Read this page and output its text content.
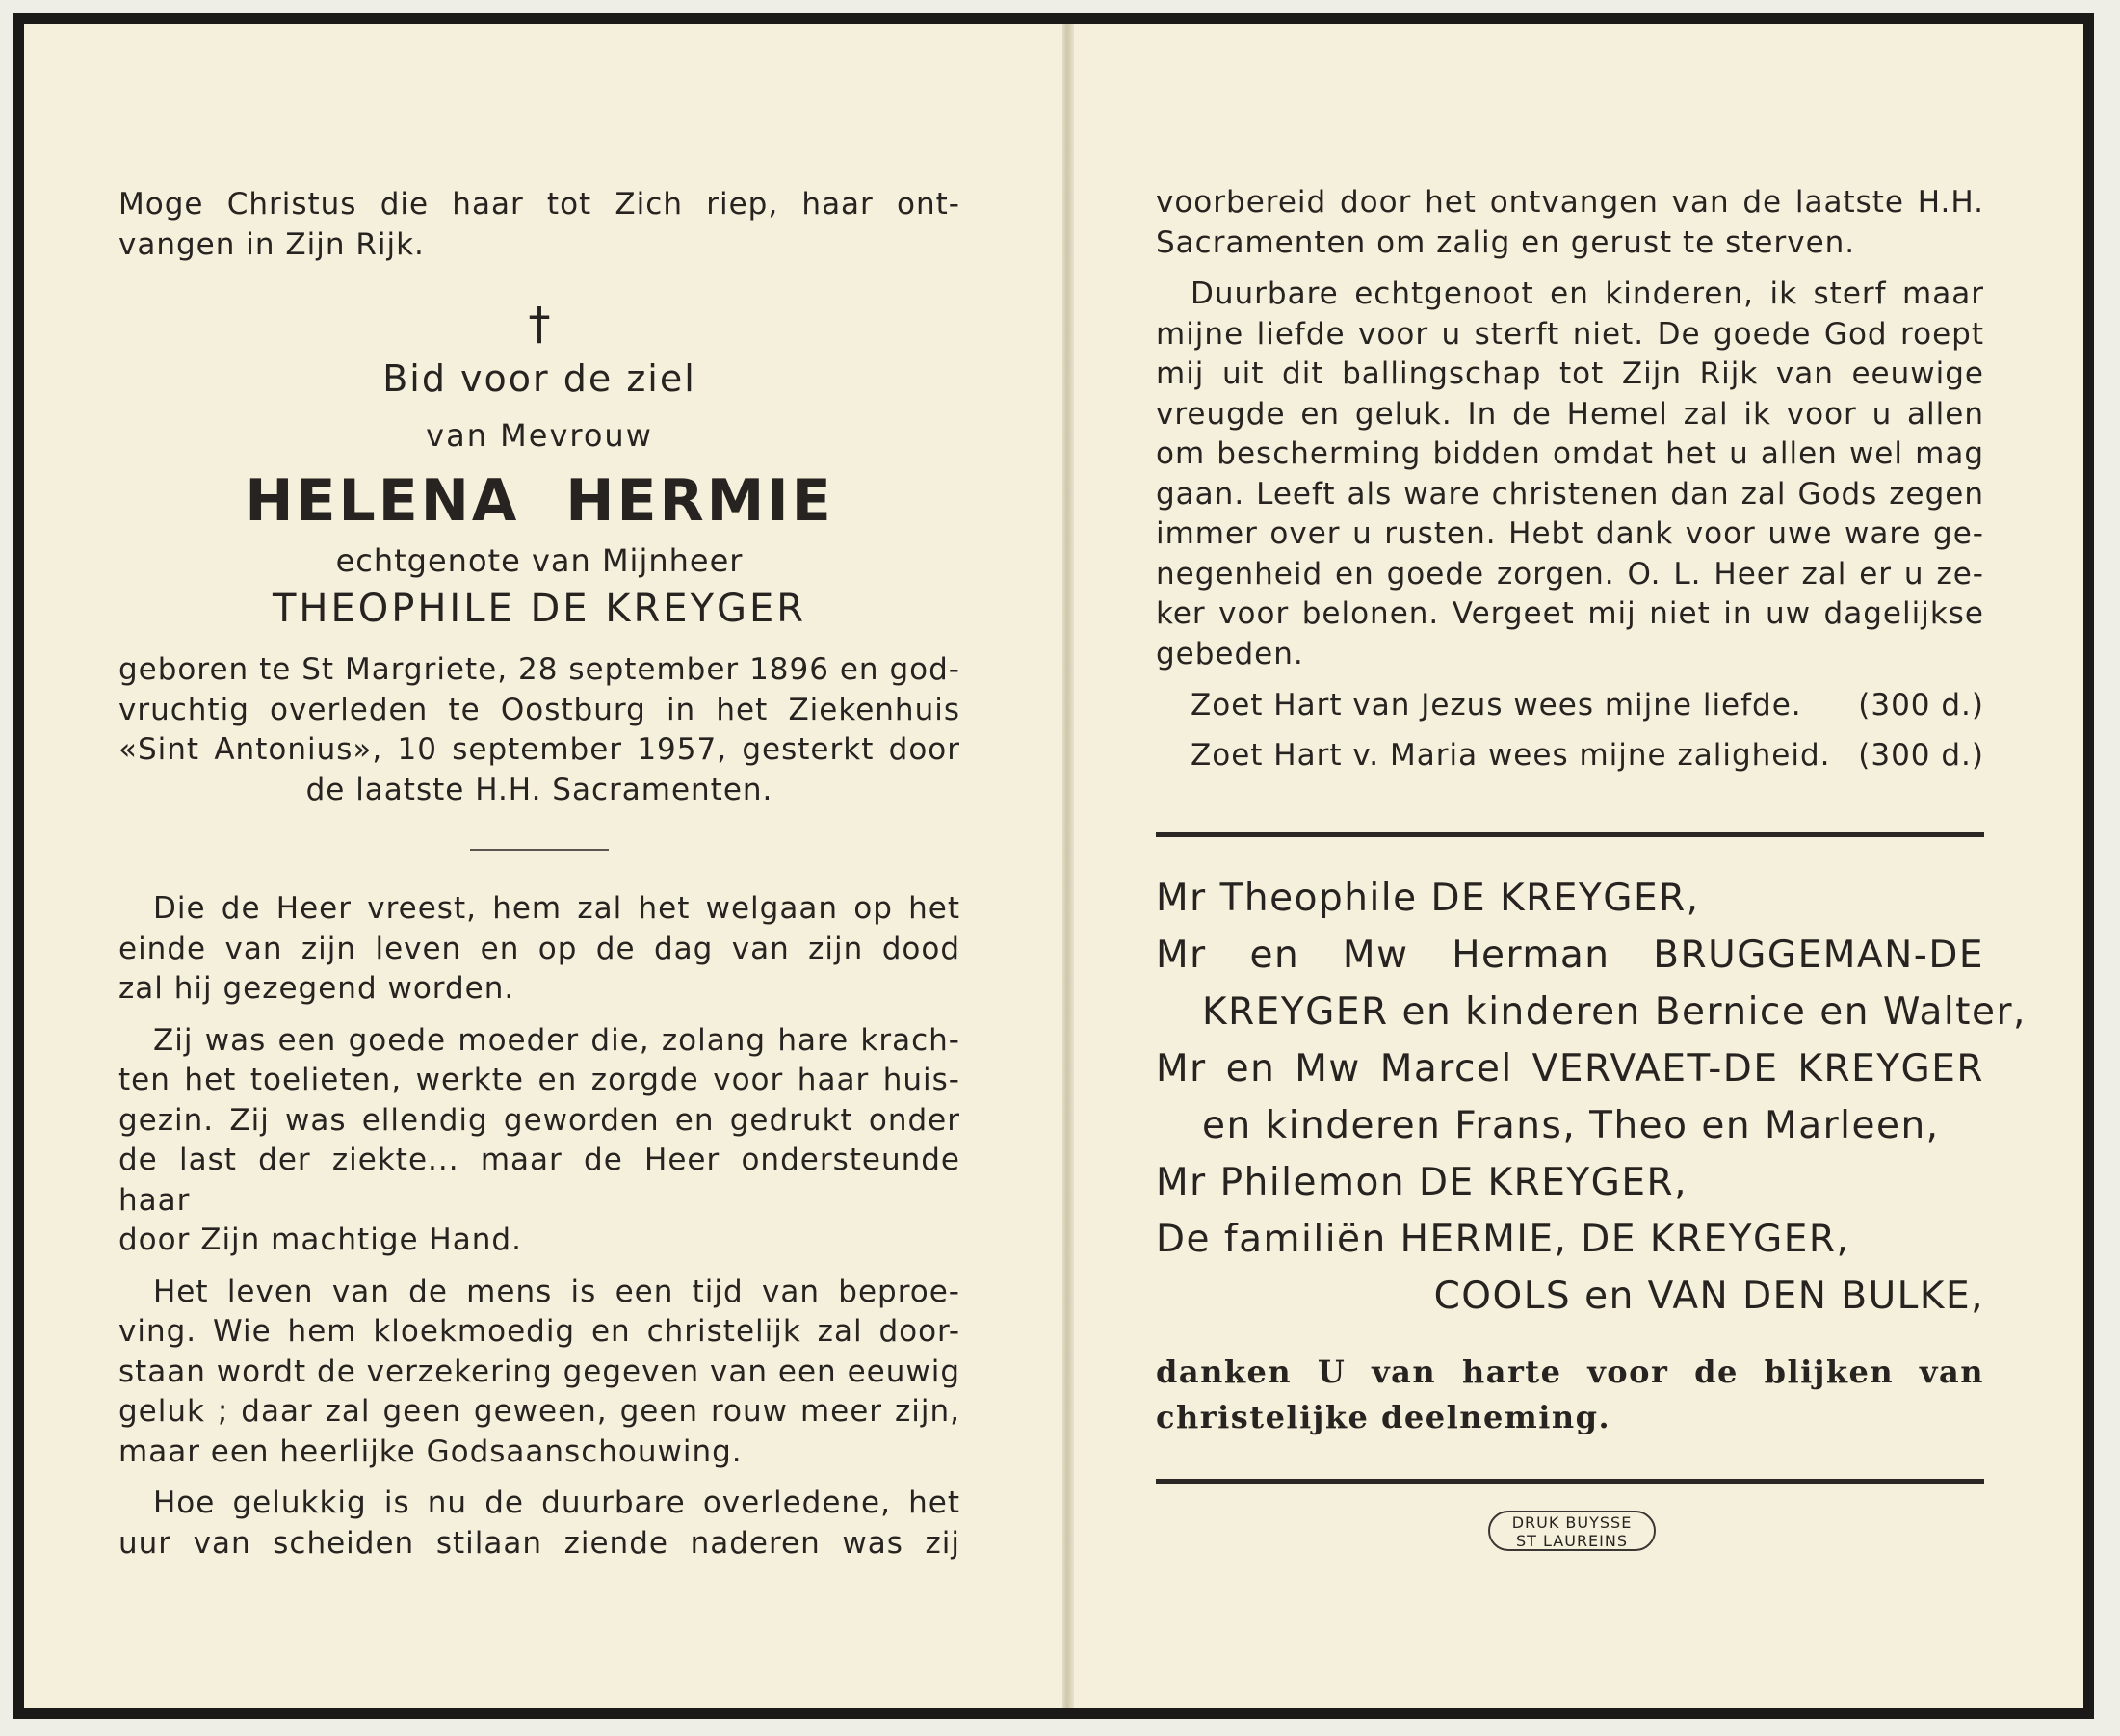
Moge Christus die haar tot Zich riep, haar ont-

vangen in Zijn Rijk.

†
Bid voor de ziel
van Mevrouw
HELENA HERMIE
echtgenote van Mijnheer
THEOPHILE DE KREYGER

geboren te St Margriete, 28 september 1896 en god-

vruchtig overleden te Oostburg in het Ziekenhuis

«Sint Antonius», 10 september 1957, gesterkt door

de laatste H.H. Sacramenten.

Die de Heer vreest, hem zal het welgaan op het

einde van zijn leven en op de dag van zijn dood

zal hij gezegend worden.

Zij was een goede moeder die, zolang hare krach-

ten het toelieten, werkte en zorgde voor haar huis-

gezin. Zij was ellendig geworden en gedrukt onder

de last der ziekte... maar de Heer ondersteunde haar

door Zijn machtige Hand.

Het leven van de mens is een tijd van beproe-

ving. Wie hem kloekmoedig en christelijk zal door-

staan wordt de verzekering gegeven van een eeuwig

geluk ; daar zal geen geween, geen rouw meer zijn,

maar een heerlijke Godsaanschouwing.

Hoe gelukkig is nu de duurbare overledene, het

uur van scheiden stilaan ziende naderen was zij

voorbereid door het ontvangen van de laatste H.H.

Sacramenten om zalig en gerust te sterven.

Duurbare echtgenoot en kinderen, ik sterf maar

mijne liefde voor u sterft niet. De goede God roept

mij uit dit ballingschap tot Zijn Rijk van eeuwige

vreugde en geluk. In de Hemel zal ik voor u allen

om bescherming bidden omdat het u allen wel mag

gaan. Leeft als ware christenen dan zal Gods zegen

immer over u rusten. Hebt dank voor uwe ware ge-

negenheid en goede zorgen. O. L. Heer zal er u ze-

ker voor belonen. Vergeet mij niet in uw dagelijkse

gebeden.

Zoet Hart van Jezus wees mijne liefde. (300 d.)
Zoet Hart v. Maria wees mijne zaligheid. (300 d.)

Mr Theophile DE KREYGER,

Mr en Mw Herman BRUGGEMAN-DE

KREYGER en kinderen Bernice en Walter,

Mr en Mw Marcel VERVAET-DE KREYGER

en kinderen Frans, Theo en Marleen,

Mr Philemon DE KREYGER,

De familiën HERMIE, DE KREYGER,

COOLS en VAN DEN BULKE,

danken U van harte voor de blijken van

christelijke deelneming.

DRUK BUYSSE
ST LAUREINS
